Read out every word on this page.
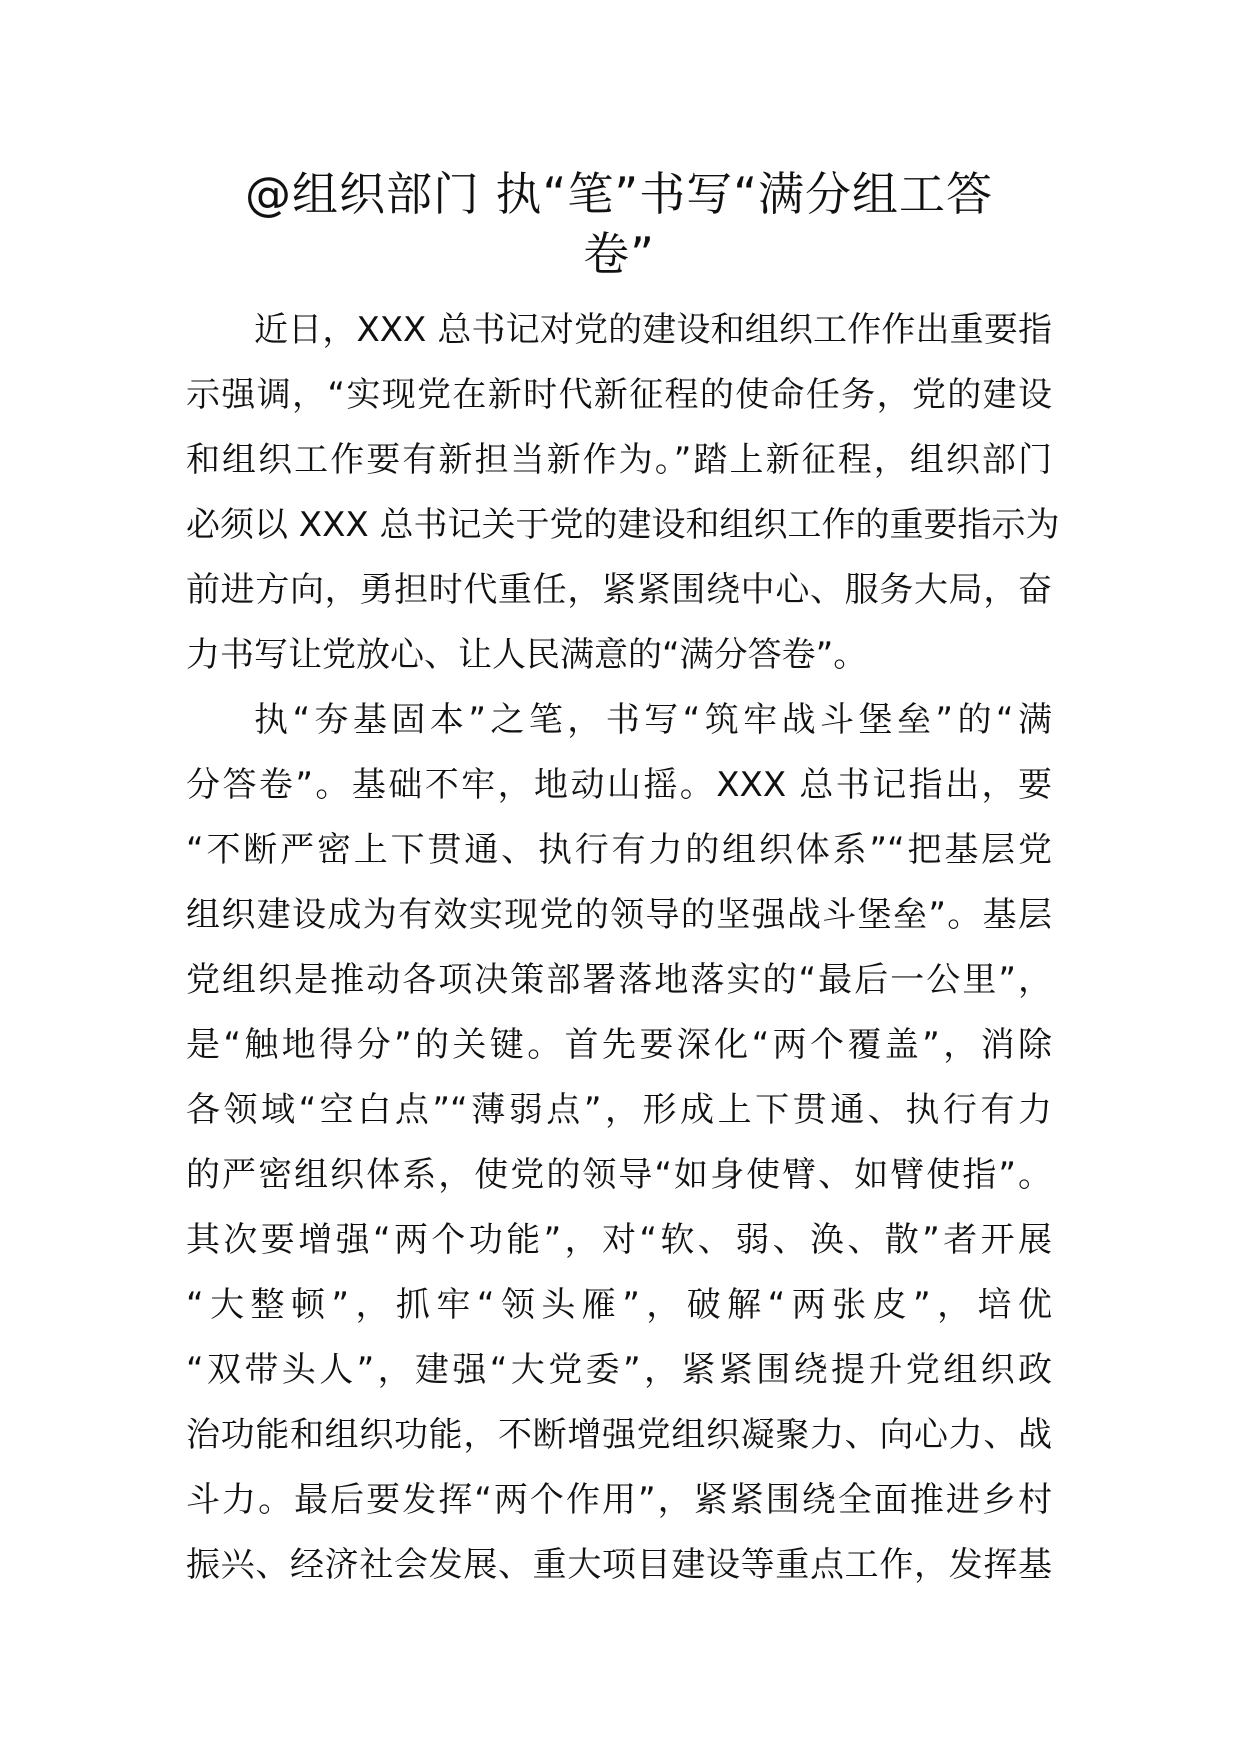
@组织部门 执“笔”书写“满分组工答
卷”
近日，XXX 总书记对党的建设和组织工作作出重要指
示强调，“实现党在新时代新征程的使命任务，党的建设
和组织工作要有新担当新作为。”踏上新征程，组织部门
必须以 XXX 总书记关于党的建设和组织工作的重要指示为
前进方向，勇担时代重任，紧紧围绕中心、服务大局，奋
力书写让党放心、让人民满意的“满分答卷”。
执“夯基固本”之笔，书写“筑牢战斗堡垒”的“满
分答卷”。基础不牢，地动山摇。XXX 总书记指出，要
“不断严密上下贯通、执行有力的组织体系”“把基层党
组织建设成为有效实现党的领导的坚强战斗堡垒”。基层
党组织是推动各项决策部署落地落实的“最后一公里”，
是“触地得分”的关键。首先要深化“两个覆盖”，消除
各领域“空白点”“薄弱点”，形成上下贯通、执行有力
的严密组织体系，使党的领导“如身使臂、如臂使指”。
其次要增强“两个功能”，对“软、弱、涣、散”者开展
“大整顿”，抓牢“领头雁”，破解“两张皮”，培优
“双带头人”，建强“大党委”，紧紧围绕提升党组织政
治功能和组织功能，不断增强党组织凝聚力、向心力、战
斗力。最后要发挥“两个作用”，紧紧围绕全面推进乡村
振兴、经济社会发展、重大项目建设等重点工作，发挥基
